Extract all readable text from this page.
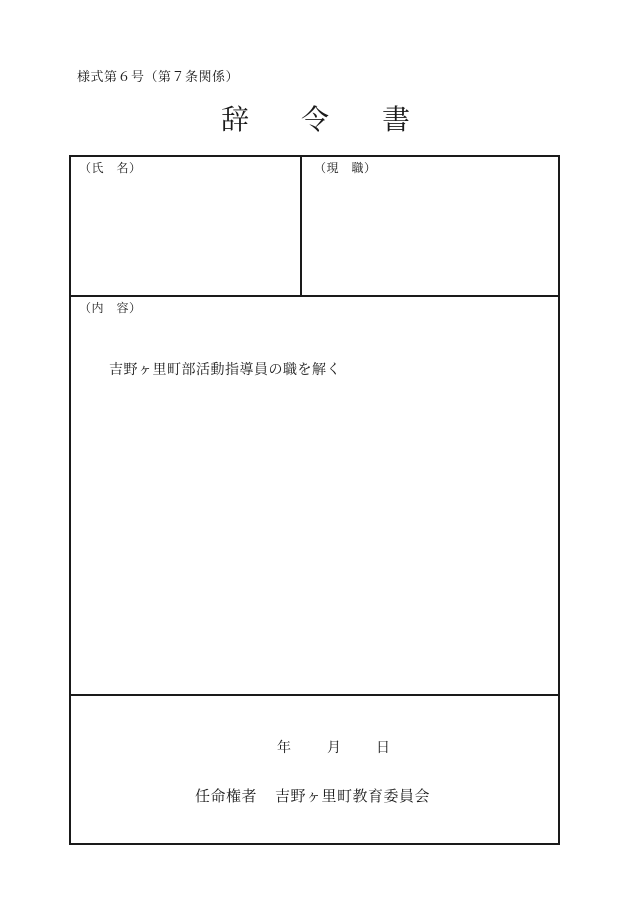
様式第６号（第７条関係）
辞 令 書
（氏　名）	（現　職）
（内　容）
吉野ヶ里町部活動指導員の職を解く
年	月	日
任命権者 吉野ヶ里町教育委員会
